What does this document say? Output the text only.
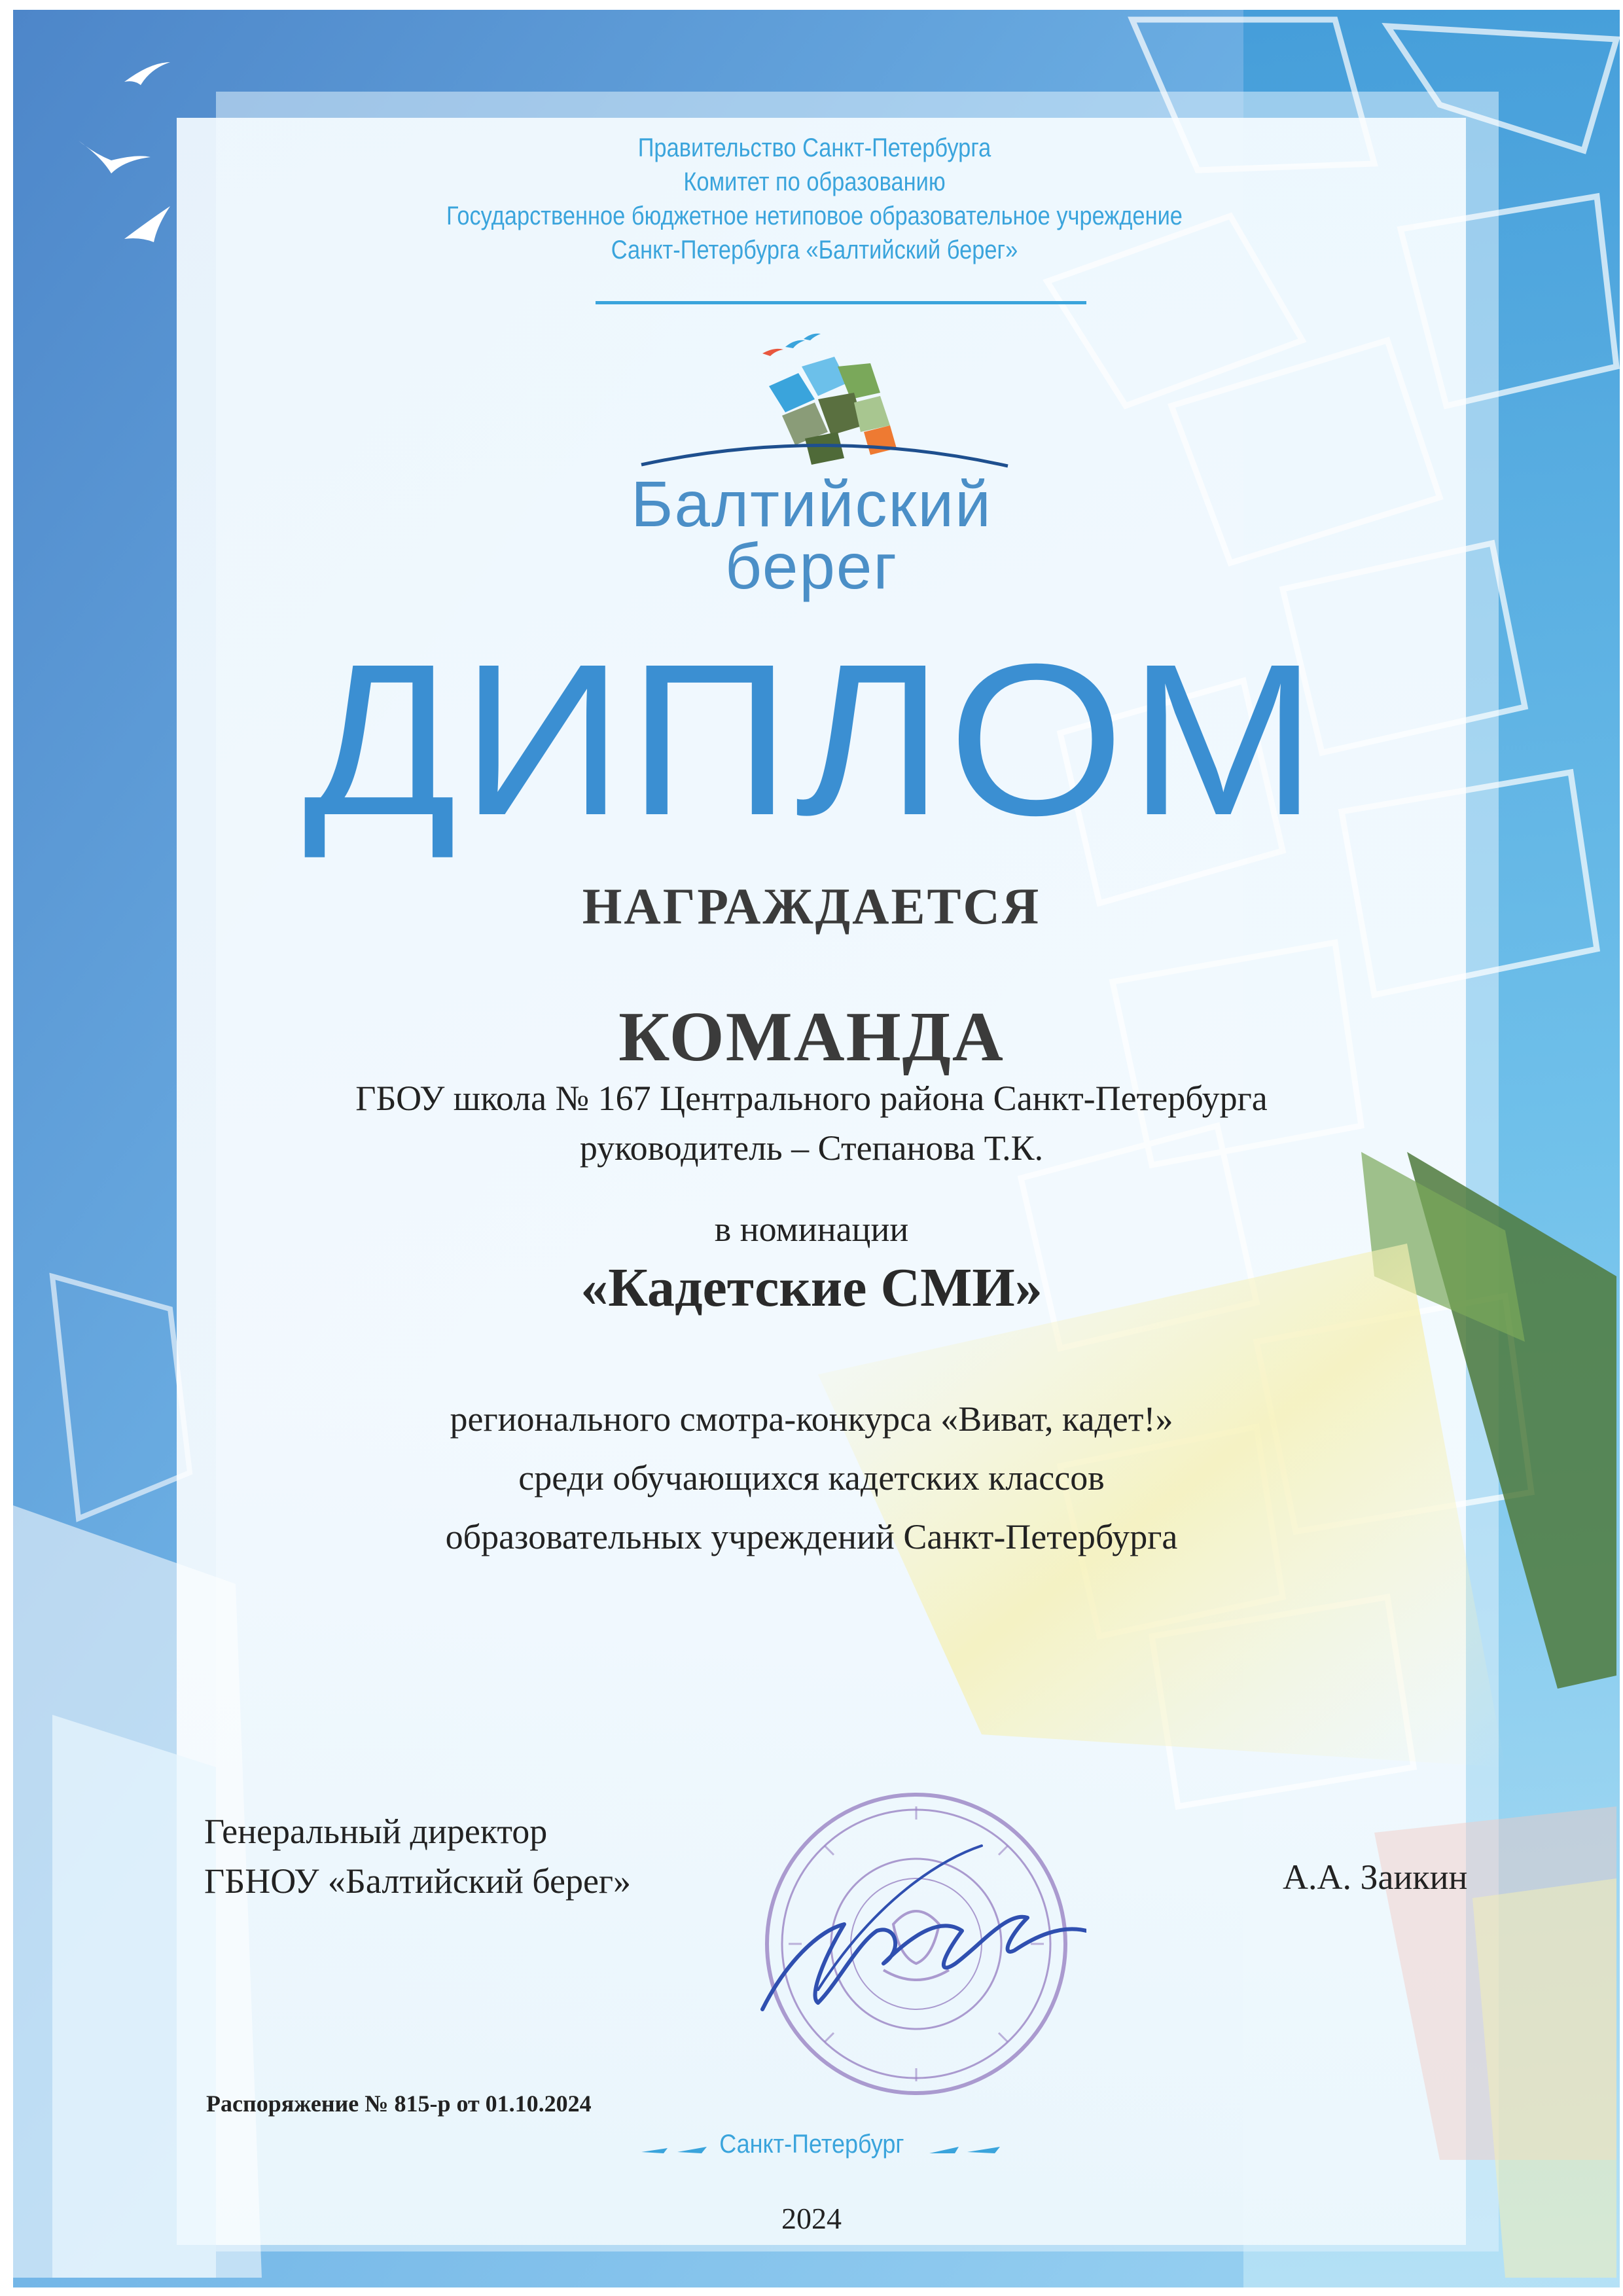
Правительство Санкт-Петербурга
Комитет по образованию
Государственное бюджетное нетиповое образовательное учреждение
Санкт-Петербурга «Балтийский берег»
Балтийский
берег
ДИПЛОМ
НАГРАЖДАЕТСЯ
КОМАНДА
ГБОУ школа № 167 Центрального района Санкт-Петербурга
руководитель – Степанова Т.К.
в номинации
«Кадетские СМИ»
регионального смотра-конкурса «Виват, кадет!»
среди обучающихся кадетских классов
образовательных учреждений Санкт-Петербурга
Генеральный директор
ГБНОУ «Балтийский берег»	А.А. Заикин
Распоряжение № 815-р от 01.10.2024
Санкт-Петербург
2024
